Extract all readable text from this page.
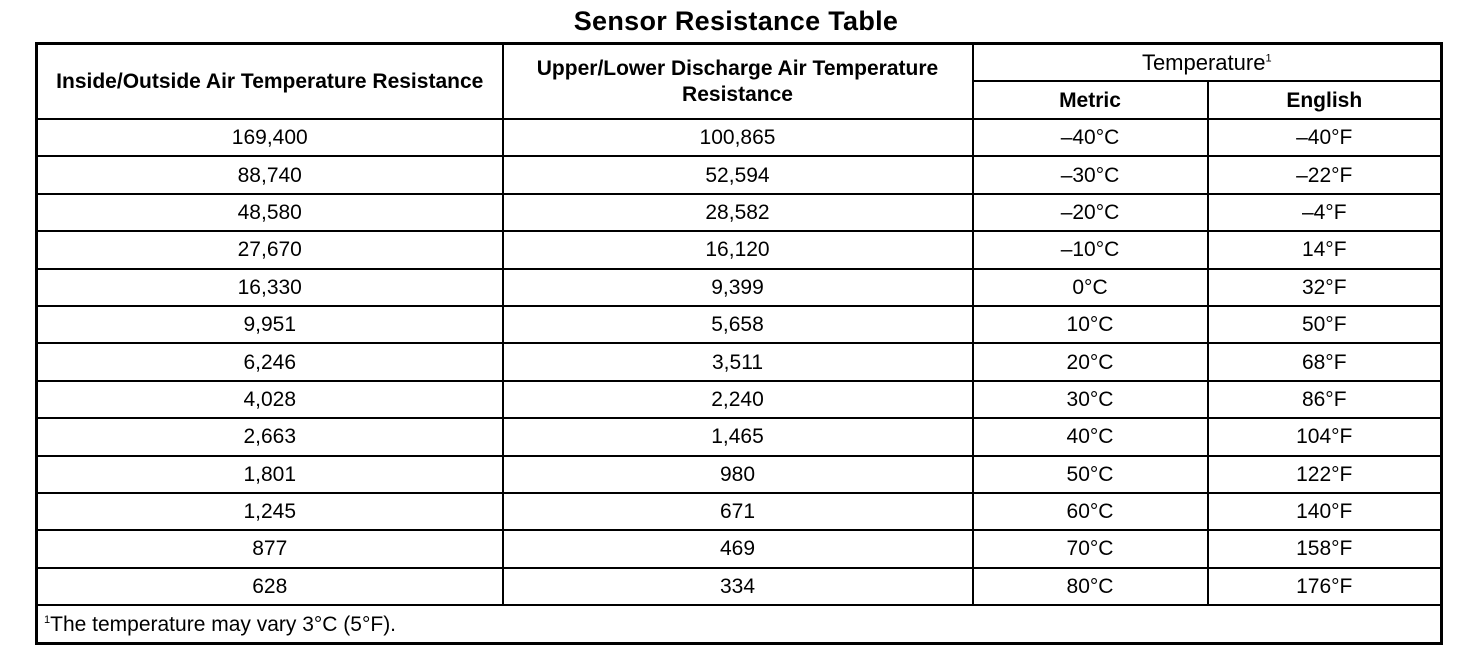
Sensor Resistance Table
Inside/Outside Air Temperature Resistance	Upper/Lower Discharge Air Temperature Resistance	Temperature$^1$
		Metric	English
169,400	100,865	–40°C	–40°F
88,740	52,594	–30°C	–22°F
48,580	28,582	–20°C	–4°F
27,670	16,120	–10°C	14°F
16,330	9,399	0°C	32°F
9,951	5,658	10°C	50°F
6,246	3,511	20°C	68°F
4,028	2,240	30°C	86°F
2,663	1,465	40°C	104°F
1,801	980	50°C	122°F
1,245	671	60°C	140°F
877	469	70°C	158°F
628	334	80°C	176°F
$^1$The temperature may vary 3°C (5°F).			
